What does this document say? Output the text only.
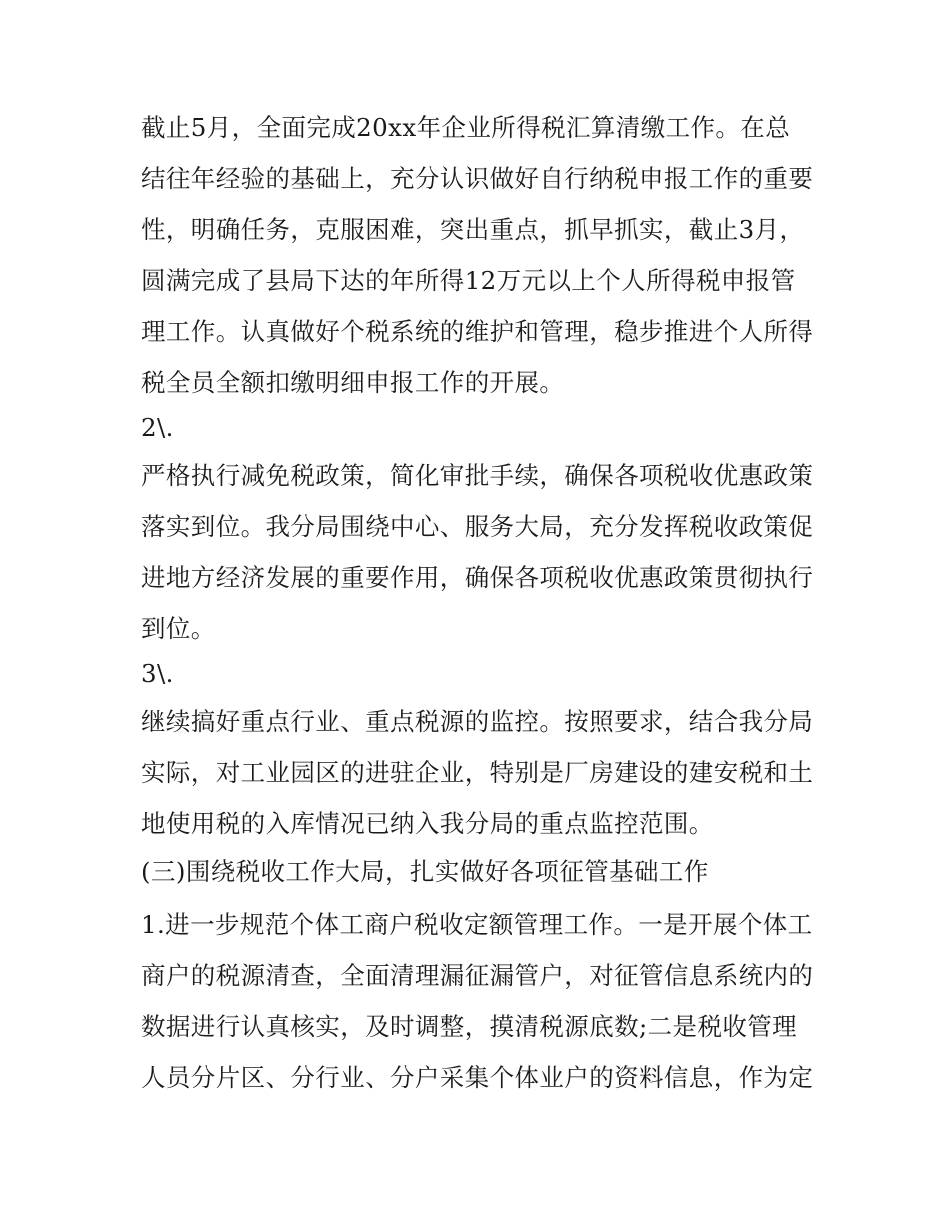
截止5月，全面完成20xx年企业所得税汇算清缴工作。在总
结往年经验的基础上，充分认识做好自行纳税申报工作的重要
性，明确任务，克服困难，突出重点，抓早抓实，截止3月，
圆满完成了县局下达的年所得12万元以上个人所得税申报管
理工作。认真做好个税系统的维护和管理，稳步推进个人所得
税全员全额扣缴明细申报工作的开展。
2\.
严格执行减免税政策，简化审批手续，确保各项税收优惠政策
落实到位。我分局围绕中心、服务大局，充分发挥税收政策促
进地方经济发展的重要作用，确保各项税收优惠政策贯彻执行
到位。
3\.
继续搞好重点行业、重点税源的监控。按照要求，结合我分局
实际，对工业园区的进驻企业，特别是厂房建设的建安税和土
地使用税的入库情况已纳入我分局的重点监控范围。
(三)围绕税收工作大局，扎实做好各项征管基础工作
1.进一步规范个体工商户税收定额管理工作。一是开展个体工
商户的税源清查，全面清理漏征漏管户，对征管信息系统内的
数据进行认真核实，及时调整，摸清税源底数;二是税收管理
人员分片区、分行业、分户采集个体业户的资料信息，作为定
